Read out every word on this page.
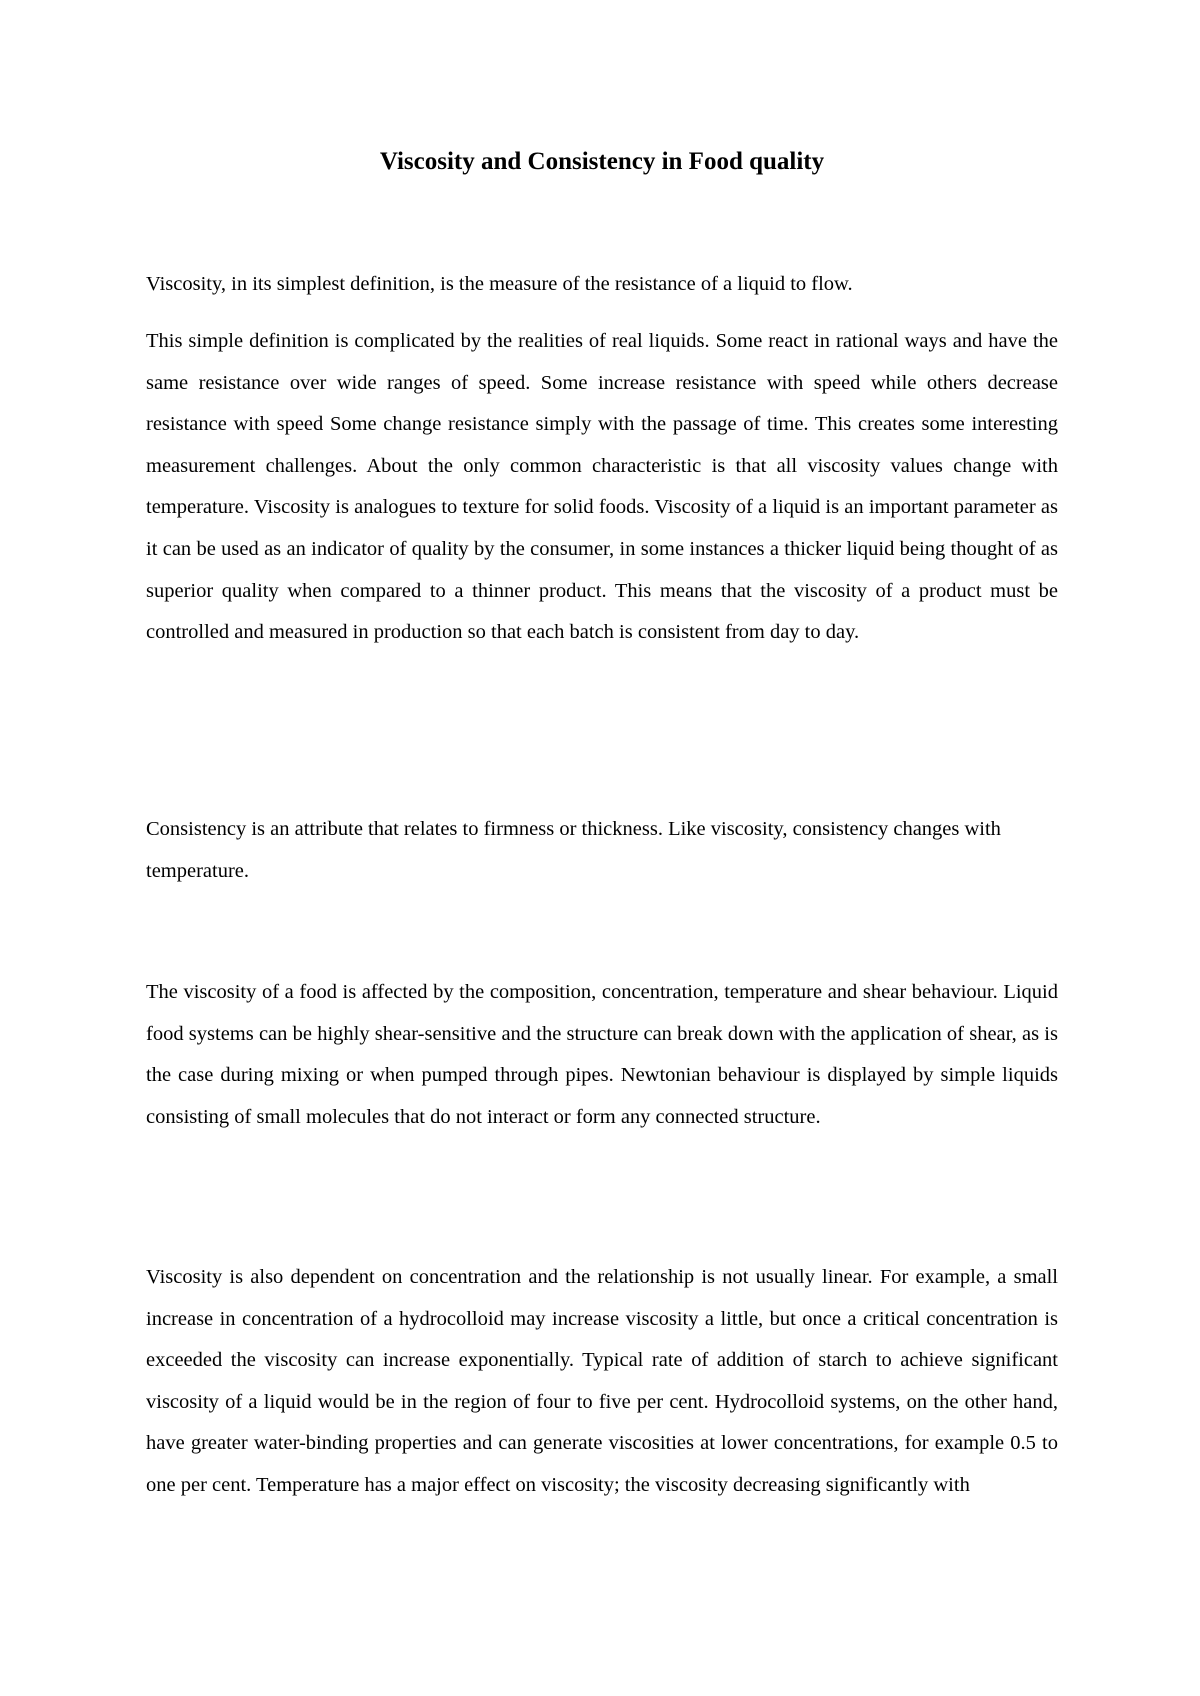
Viscosity and Consistency in Food quality

Viscosity, in its simplest definition, is the measure of the resistance of a liquid to flow.

This simple definition is complicated by the realities of real liquids. Some react in rational ways and have the same resistance over wide ranges of speed. Some increase resistance with speed while others decrease resistance with speed Some change resistance simply with the passage of time. This creates some interesting measurement challenges. About the only common characteristic is that all viscosity values change with temperature. Viscosity is analogues to texture for solid foods. Viscosity of a liquid is an important parameter as it can be used as an indicator of quality by the consumer, in some instances a thicker liquid being thought of as superior quality when compared to a thinner product. This means that the viscosity of a product must be controlled and measured in production so that each batch is consistent from day to day.

Consistency is an attribute that relates to firmness or thickness. Like viscosity, consistency changes with temperature.

The viscosity of a food is affected by the composition, concentration, temperature and shear behaviour. Liquid food systems can be highly shear-sensitive and the structure can break down with the application of shear, as is the case during mixing or when pumped through pipes. Newtonian behaviour is displayed by simple liquids consisting of small molecules that do not interact or form any connected structure.

Viscosity is also dependent on concentration and the relationship is not usually linear. For example, a small increase in concentration of a hydrocolloid may increase viscosity a little, but once a critical concentration is exceeded the viscosity can increase exponentially. Typical rate of addition of starch to achieve significant viscosity of a liquid would be in the region of four to five per cent. Hydrocolloid systems, on the other hand, have greater water-binding properties and can generate viscosities at lower concentrations, for example 0.5 to one per cent. Temperature has a major effect on viscosity; the viscosity decreasing significantly with
